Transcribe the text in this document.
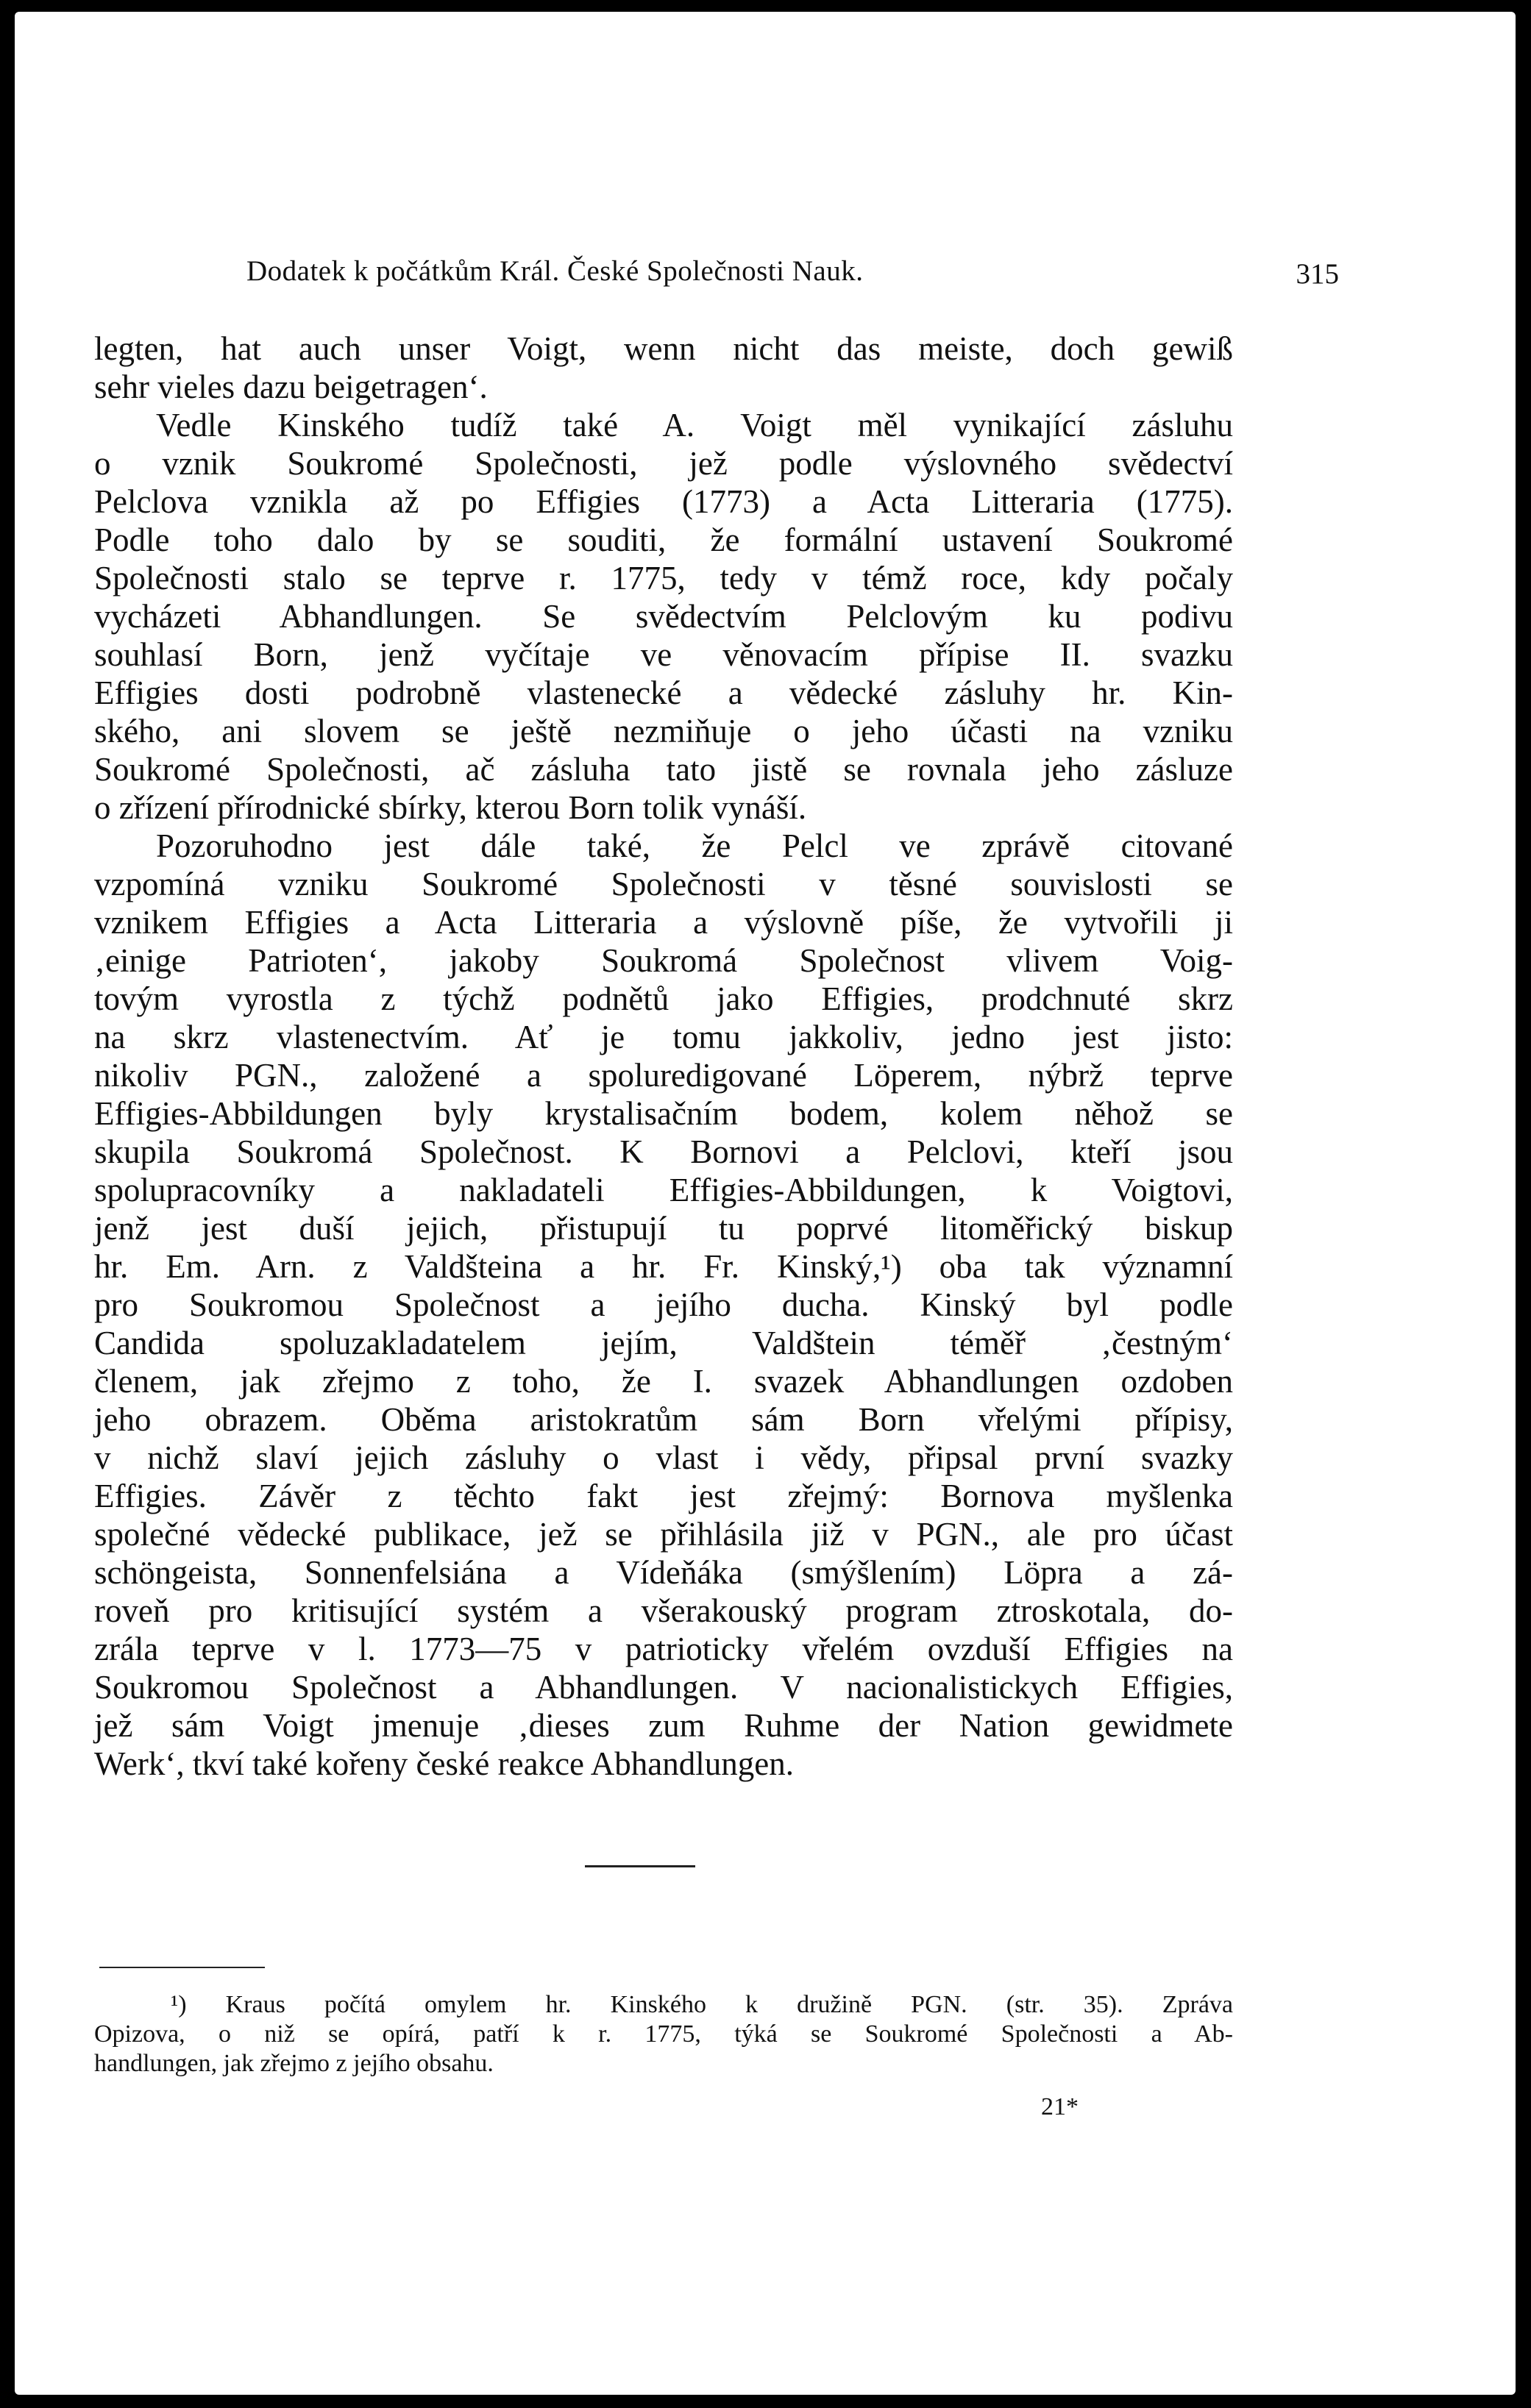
Dodatek k počátkům Král. České Společnosti Nauk.	315
legten, hat auch unser Voigt, wenn nicht das meiste, doch gewiß
sehr vieles dazu beigetragen‘.
Vedle Kinského tudíž také A. Voigt měl vynikající zásluhu
o vznik Soukromé Společnosti, jež podle výslovného svědectví
Pelclova vznikla až po Effigies (1773) a Acta Litteraria (1775).
Podle toho dalo by se souditi, že formální ustavení Soukromé
Společnosti stalo se teprve r. 1775, tedy v témž roce, kdy počaly
vycházeti Abhandlungen. Se svědectvím Pelclovým ku podivu
souhlasí Born, jenž vyčítaje ve věnovacím přípise II. svazku
Effigies dosti podrobně vlastenecké a vědecké zásluhy hr. Kin-
ského, ani slovem se ještě nezmiňuje o jeho účasti na vzniku
Soukromé Společnosti, ač zásluha tato jistě se rovnala jeho zásluze
o zřízení přírodnické sbírky, kterou Born tolik vynáší.
Pozoruhodno jest dále také, že Pelcl ve zprávě citované
vzpomíná vzniku Soukromé Společnosti v těsné souvislosti se
vznikem Effigies a Acta Litteraria a výslovně píše, že vytvořili ji
‚einige Patrioten‘, jakoby Soukromá Společnost vlivem Voig-
tovým vyrostla z týchž podnětů jako Effigies, prodchnuté skrz
na skrz vlastenectvím. Ať je tomu jakkoliv, jedno jest jisto:
nikoliv PGN., založené a spoluredigované Löperem, nýbrž teprve
Effigies-Abbildungen byly krystalisačním bodem, kolem něhož se
skupila Soukromá Společnost. K Bornovi a Pelclovi, kteří jsou
spolupracovníky a nakladateli Effigies-Abbildungen, k Voigtovi,
jenž jest duší jejich, přistupují tu poprvé litoměřický biskup
hr. Em. Arn. z Valdšteina a hr. Fr. Kinský,¹) oba tak významní
pro Soukromou Společnost a jejího ducha. Kinský byl podle
Candida spoluzakladatelem jejím, Valdštein téměř ‚čestným‘
členem, jak zřejmo z toho, že I. svazek Abhandlungen ozdoben
jeho obrazem. Oběma aristokratům sám Born vřelými přípisy,
v nichž slaví jejich zásluhy o vlast i vědy, připsal první svazky
Effigies. Závěr z těchto fakt jest zřejmý: Bornova myšlenka
společné vědecké publikace, jež se přihlásila již v PGN., ale pro účast
schöngeista, Sonnenfelsiána a Vídeňáka (smýšlením) Löpra a zá-
roveň pro kritisující systém a všerakouský program ztroskotala, do-
zrála teprve v l. 1773—75 v patriotic​ky vřelém ovzduší Effigies na
Soukromou Společnost a Abhandlungen. V nacionalistickych Effigies,
jež sám Voigt jmenuje ‚dieses zum Ruhme der Nation gewidmete
Werk‘, tkví také kořeny české reakce Abhandlungen.
¹) Kraus počítá omylem hr. Kinského k družině PGN. (str. 35). Zpráva
Opizova, o niž se opírá, patří k r. 1775, týká se Soukromé Společnosti a Ab-
handlungen, jak zřejmo z jejího obsahu.
21*
